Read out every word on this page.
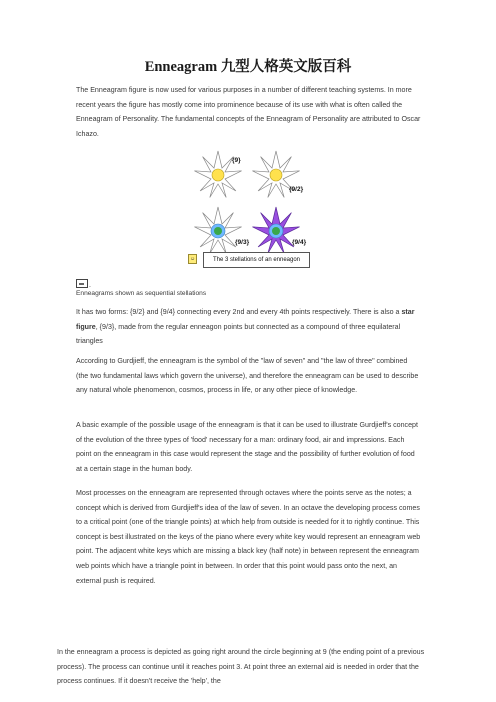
Enneagram 九型人格英文版百科
The Enneagram figure is now used for various purposes in a number of different teaching systems. In more recent years the figure has mostly come into prominence because of its use with what is often called the Enneagram of Personality. The fundamental concepts of the Enneagram of Personality are attributed to Oscar Ichazo.
{9}
{9/2}
{9/3}	{9/4}
☺	The 3 stellations of an enneagon
.
Enneagrams shown as sequential stellations
It has two forms: {9/2} and {9/4} connecting every 2nd and every 4th points respectively. There is also a star figure, {9/3}, made from the regular enneagon points but connected as a compound of three equilateral triangles
According to Gurdjieff, the enneagram is the symbol of the "law of seven" and "the law of three" combined (the two fundamental laws which govern the universe), and therefore the enneagram can be used to describe any natural whole phenomenon, cosmos, process in life, or any other piece of knowledge.
A basic example of the possible usage of the enneagram is that it can be used to illustrate Gurdjieff's concept of the evolution of the three types of 'food' necessary for a man: ordinary food, air and impressions. Each point on the enneagram in this case would represent the stage and the possibility of further evolution of food at a certain stage in the human body.
Most processes on the enneagram are represented through octaves where the points serve as the notes; a concept which is derived from Gurdjieff's idea of the law of seven. In an octave the developing process comes to a critical point (one of the triangle points) at which help from outside is needed for it to rightly continue. This concept is best illustrated on the keys of the piano where every white key would represent an enneagram web point. The adjacent white keys which are missing a black key (half note) in between represent the enneagram web points which have a triangle point in between. In order that this point would pass onto the next, an external push is required.
In the enneagram a process is depicted as going right around the circle beginning at 9 (the ending point of a previous process). The process can continue until it reaches point 3. At point three an external aid is needed in order that the process continues. If it doesn't receive the 'help', the
